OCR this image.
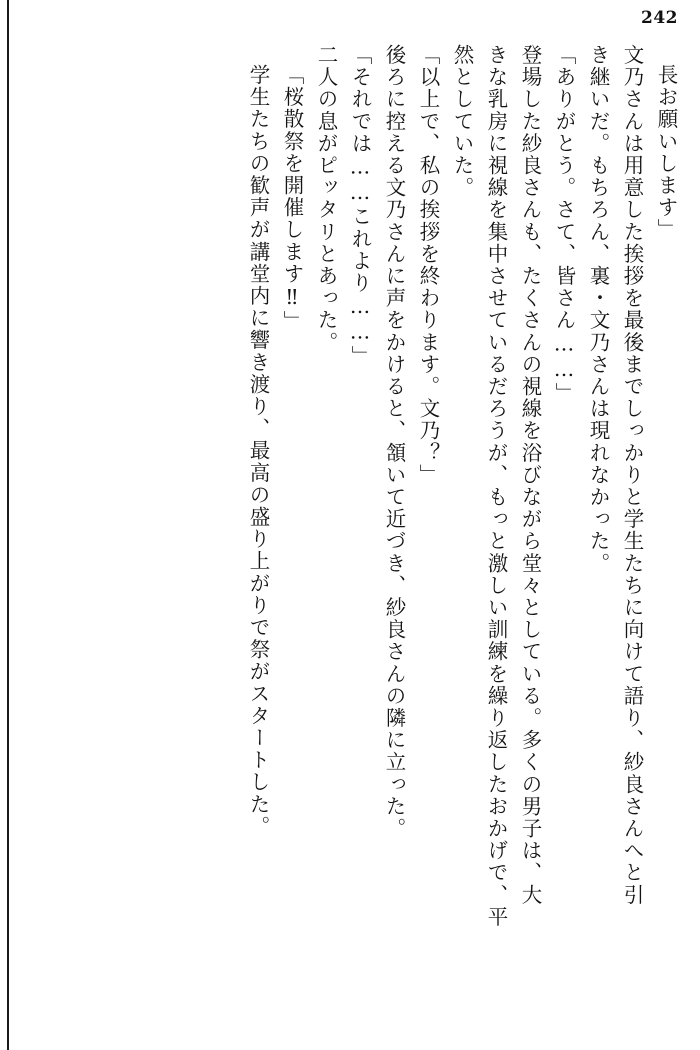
242
長お願いします」
文乃さんは用意した挨拶を最後までしっかりと学生たちに向けて語り、紗良さんへと引
き継いだ。もちろん、裏・文乃さんは現れなかった。
「ありがとう。さて、皆さん……」
登場した紗良さんも、たくさんの視線を浴びながら堂々としている。多くの男子は、大
きな乳房に視線を集中させているだろうが、もっと激しい訓練を繰り返したおかげで、平
然としていた。
「以上で、私の挨拶を終わります。文乃？」
後ろに控える文乃さんに声をかけると、頷いて近づき、紗良さんの隣に立った。
「それでは……これより……」
二人の息がピッタリとあった。
「桜散祭を開催します‼」
学生たちの歓声が講堂内に響き渡り、最高の盛り上がりで祭がスタートした。
